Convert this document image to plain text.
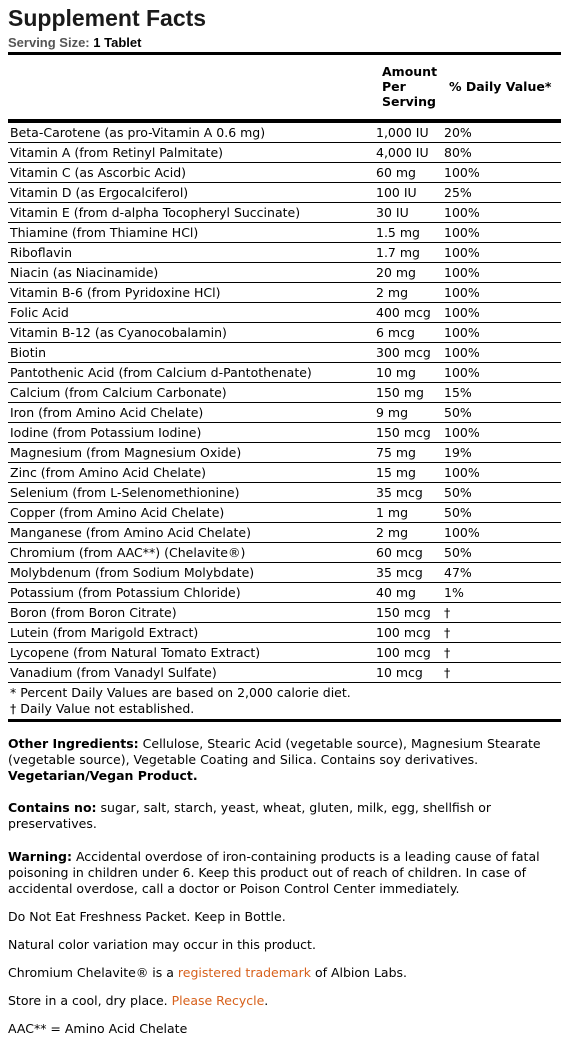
Supplement Facts
Serving Size: 1 Tablet
Amount
Per
Serving
% Daily Value*
Beta-Carotene (as pro-Vitamin A 0.6 mg)	1,000 IU	20%
Vitamin A (from Retinyl Palmitate)	4,000 IU	80%
Vitamin C (as Ascorbic Acid)	60 mg	100%
Vitamin D (as Ergocalciferol)	100 IU	25%
Vitamin E (from d-alpha Tocopheryl Succinate)	30 IU	100%
Thiamine (from Thiamine HCl)	1.5 mg	100%
Riboflavin	1.7 mg	100%
Niacin (as Niacinamide)	20 mg	100%
Vitamin B-6 (from Pyridoxine HCl)	2 mg	100%
Folic Acid	400 mcg	100%
Vitamin B-12 (as Cyanocobalamin)	6 mcg	100%
Biotin	300 mcg	100%
Pantothenic Acid (from Calcium d-Pantothenate)	10 mg	100%
Calcium (from Calcium Carbonate)	150 mg	15%
Iron (from Amino Acid Chelate)	9 mg	50%
Iodine (from Potassium Iodine)	150 mcg	100%
Magnesium (from Magnesium Oxide)	75 mg	19%
Zinc (from Amino Acid Chelate)	15 mg	100%
Selenium (from L-Selenomethionine)	35 mcg	50%
Copper (from Amino Acid Chelate)	1 mg	50%
Manganese (from Amino Acid Chelate)	2 mg	100%
Chromium (from AAC**) (Chelavite®)	60 mcg	50%
Molybdenum (from Sodium Molybdate)	35 mcg	47%
Potassium (from Potassium Chloride)	40 mg	1%
Boron (from Boron Citrate)	150 mcg	†
Lutein (from Marigold Extract)	100 mcg	†
Lycopene (from Natural Tomato Extract)	100 mcg	†
Vanadium (from Vanadyl Sulfate)	10 mcg	†
* Percent Daily Values are based on 2,000 calorie diet.
† Daily Value not established.

Other Ingredients: Cellulose, Stearic Acid (vegetable source), Magnesium Stearate (vegetable source), Vegetable Coating and Silica. Contains soy derivatives.

Vegetarian/Vegan Product.

Contains no: sugar, salt, starch, yeast, wheat, gluten, milk, egg, shellfish or preservatives.

Warning: Accidental overdose of iron-containing products is a leading cause of fatal poisoning in children under 6. Keep this product out of reach of children. In case of accidental overdose, call a doctor or Poison Control Center immediately.

Do Not Eat Freshness Packet. Keep in Bottle.

Natural color variation may occur in this product.

Chromium Chelavite® is a registered trademark of Albion Labs.

Store in a cool, dry place. Please Recycle.

AAC** = Amino Acid Chelate
